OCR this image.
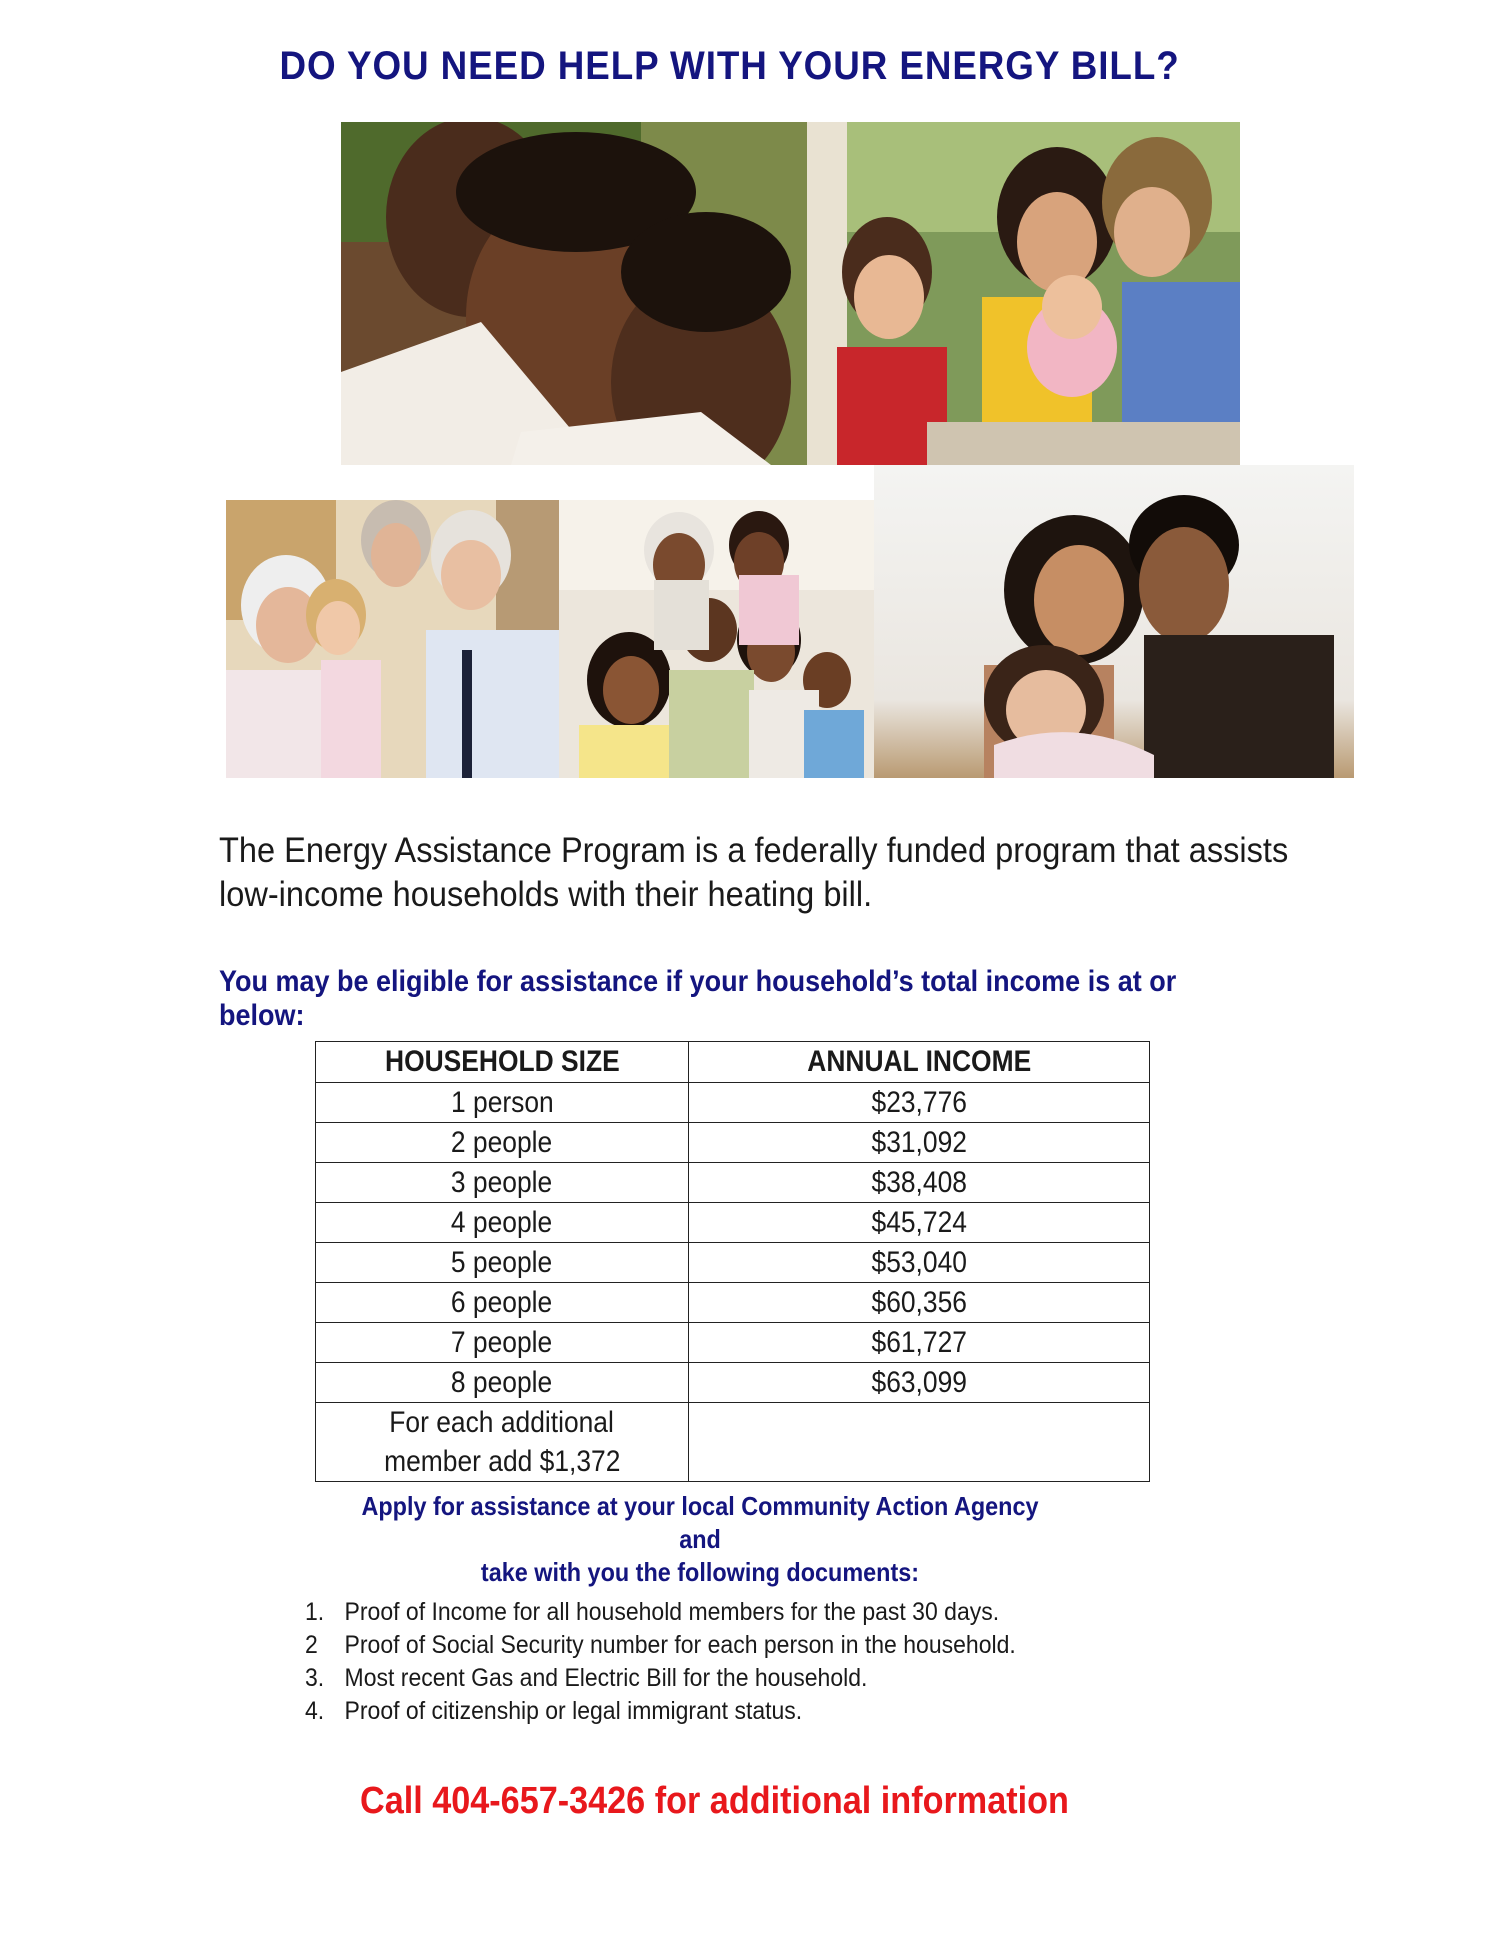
DO YOU NEED HELP WITH YOUR ENERGY BILL?
The Energy Assistance Program is a federally funded program that assists low-income households with their heating bill.
You may be eligible for assistance if your household’s total income is at or below:
HOUSEHOLD SIZE	ANNUAL INCOME
1 person	$23,776
2 people	$31,092
3 people	$38,408
4 people	$45,724
5 people	$53,040
6 people	$60,356
7 people	$61,727
8 people	$63,099
For each additional
member add $1,372	
Apply for assistance at your local Community Action Agency and
take with you the following documents:
1. Proof of Income for all household members for the past 30 days.
2	Proof of Social Security number for each person in the household.
3. Most recent Gas and Electric Bill for the household.
4. Proof of citizenship or legal immigrant status.
Call 404-657-3426 for additional information
